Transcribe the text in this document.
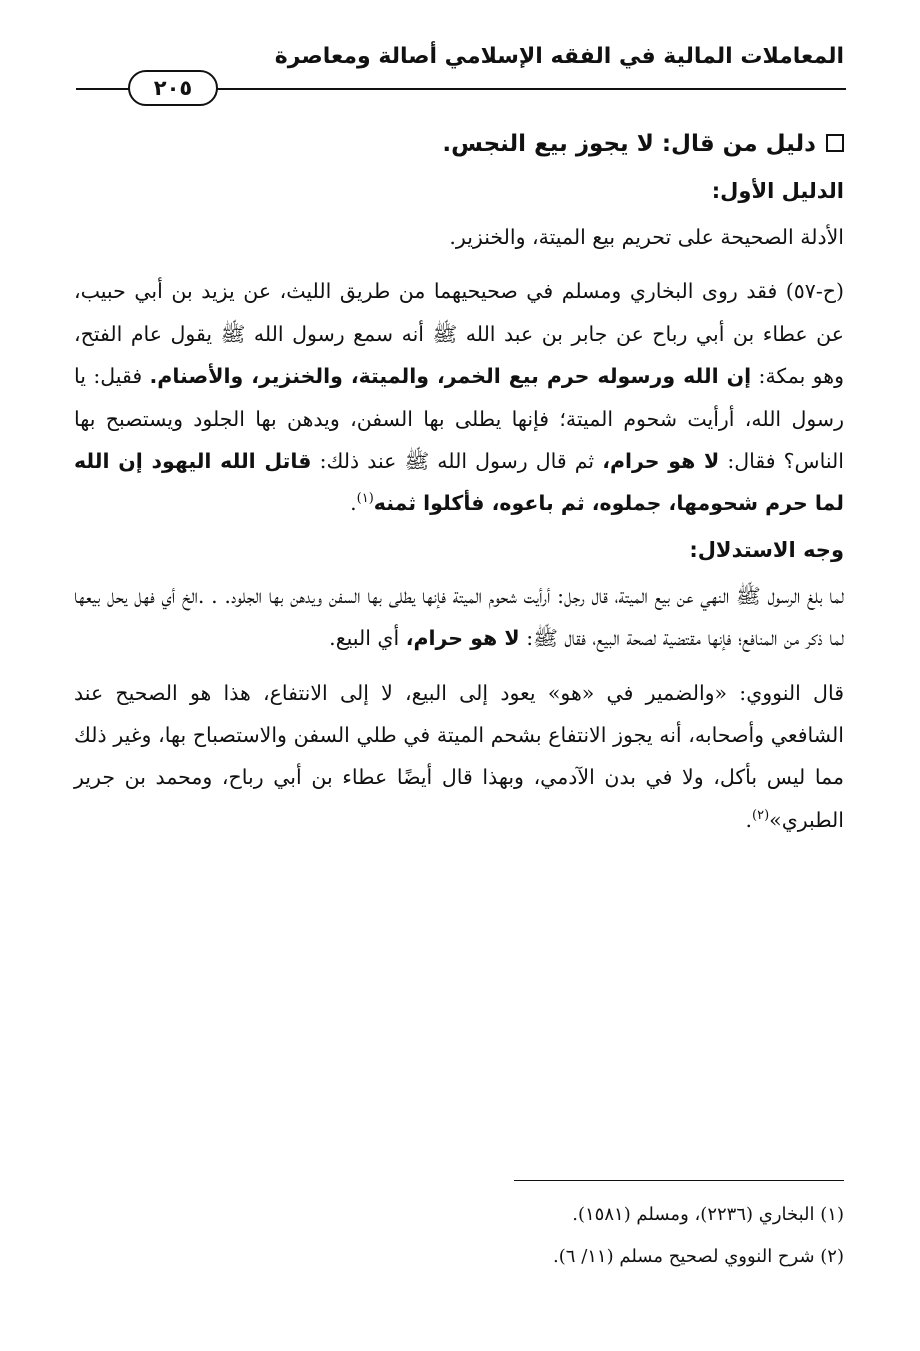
المعاملات المالية في الفقه الإسلامي أصالة ومعاصرة
٢٠٥

دليل من قال: لا يجوز بيع النجس.

الدليل الأول:

الأدلة الصحيحة على تحريم بيع الميتة، والخنزير.

(ح-٥٧) فقد روى البخاري ومسلم في صحيحيهما من طريق الليث، عن يزيد بن أبي حبيب، عن عطاء بن أبي رباح عن جابر بن عبد الله ﷺ أنه سمع رسول الله ﷺ يقول عام الفتح، وهو بمكة: إن الله ورسوله حرم بيع الخمر، والميتة، والخنزير، والأصنام. فقيل: يا رسول الله، أرأيت شحوم الميتة؛ فإنها يطلى بها السفن، ويدهن بها الجلود ويستصبح بها الناس؟ فقال: لا هو حرام، ثم قال رسول الله ﷺ عند ذلك: قاتل الله اليهود إن الله لما حرم شحومها، جملوه، ثم باعوه، فأكلوا ثمنه$^{(١)}$.

وجه الاستدلال:

لما بلغ الرسول ﷺ النهي عن بيع الميتة، قال رجل: أرأيت شحوم الميتة فإنها يطلى بها السفن ويدهن بها الجلود. . .الخ أي فهل يحل بيعها لما ذكر من المنافع؛ فإنها مقتضية لصحة البيع، فقال ﷺ: لا هو حرام، أي البيع.

قال النووي: «والضمير في «هو» يعود إلى البيع، لا إلى الانتفاع، هذا هو الصحيح عند الشافعي وأصحابه، أنه يجوز الانتفاع بشحم الميتة في طلي السفن والاستصباح بها، وغير ذلك مما ليس بأكل، ولا في بدن الآدمي، وبهذا قال أيضًا عطاء بن أبي رباح، ومحمد بن جرير الطبري»$^{(٢)}$.

(١) البخاري (٢٢٣٦)، ومسلم (١٥٨١).

(٢) شرح النووي لصحيح مسلم (١١/ ٦).
